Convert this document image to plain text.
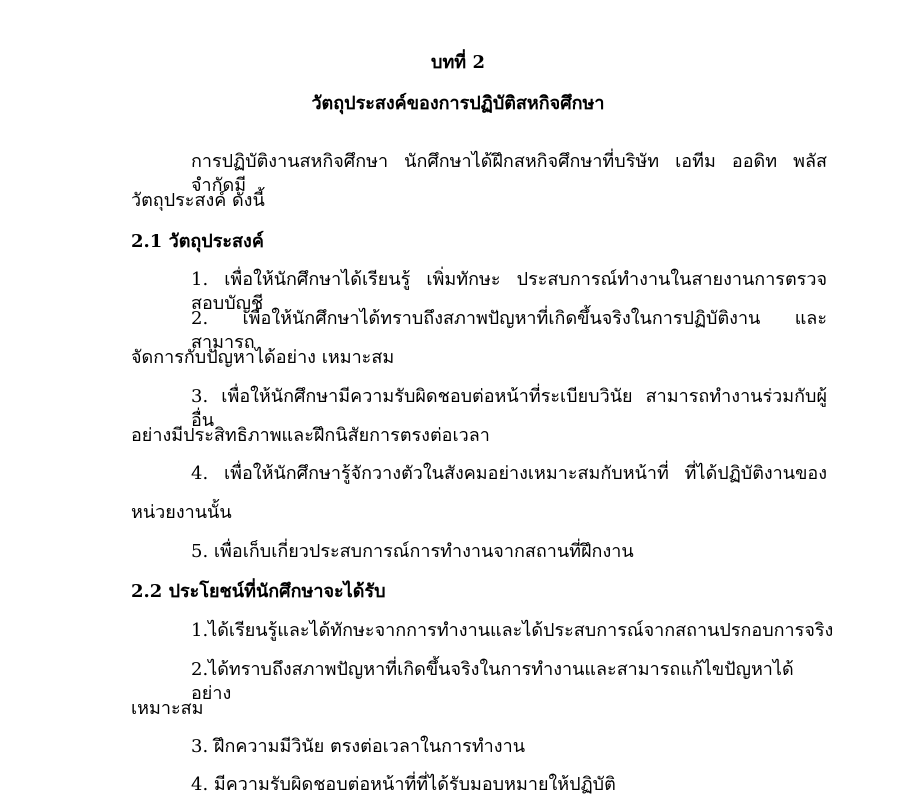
บทที่ 2
วัตถุประสงค์ของการปฏิบัติสหกิจศึกษา
การปฏิบัติงานสหกิจศึกษา นักศึกษาได้ฝึกสหกิจศึกษาที่บริษัท เอทีม ออดิท พลัส จำกัดมี
วัตถุประสงค์ ดังนี้
2.1 วัตถุประสงค์
1. เพื่อให้นักศึกษาได้เรียนรู้ เพิ่มทักษะ ประสบการณ์ทำงานในสายงานการตรวจสอบบัญชี
2. เพื่อให้นักศึกษาได้ทราบถึงสภาพปัญหาที่เกิดขึ้นจริงในการปฏิบัติงาน และสามารถ
จัดการกับปัญหาได้อย่าง เหมาะสม
3. เพื่อให้นักศึกษามีความรับผิดชอบต่อหน้าที่ระเบียบวินัย สามารถทำงานร่วมกับผู้อื่น
อย่างมีประสิทธิภาพและฝึกนิสัยการตรงต่อเวลา
4. เพื่อให้นักศึกษารู้จักวางตัวในสังคมอย่างเหมาะสมกับหน้าที่ ที่ได้ปฏิบัติงานของ
หน่วยงานนั้น
5. เพื่อเก็บเกี่ยวประสบการณ์การทำงานจากสถานที่ฝึกงาน
2.2 ประโยชน์ที่นักศึกษาจะได้รับ
1.ได้เรียนรู้และได้ทักษะจากการทำงานและได้ประสบการณ์จากสถานปรกอบการจริง
2.ได้ทราบถึงสภาพปัญหาที่เกิดขึ้นจริงในการทำงานและสามารถแก้ไขปัญหาได้อย่าง
เหมาะสม
3. ฝึกความมีวินัย ตรงต่อเวลาในการทำงาน
4. มีความรับผิดชอบต่อหน้าที่ที่ได้รับมอบหมายให้ปฏิบัติ
